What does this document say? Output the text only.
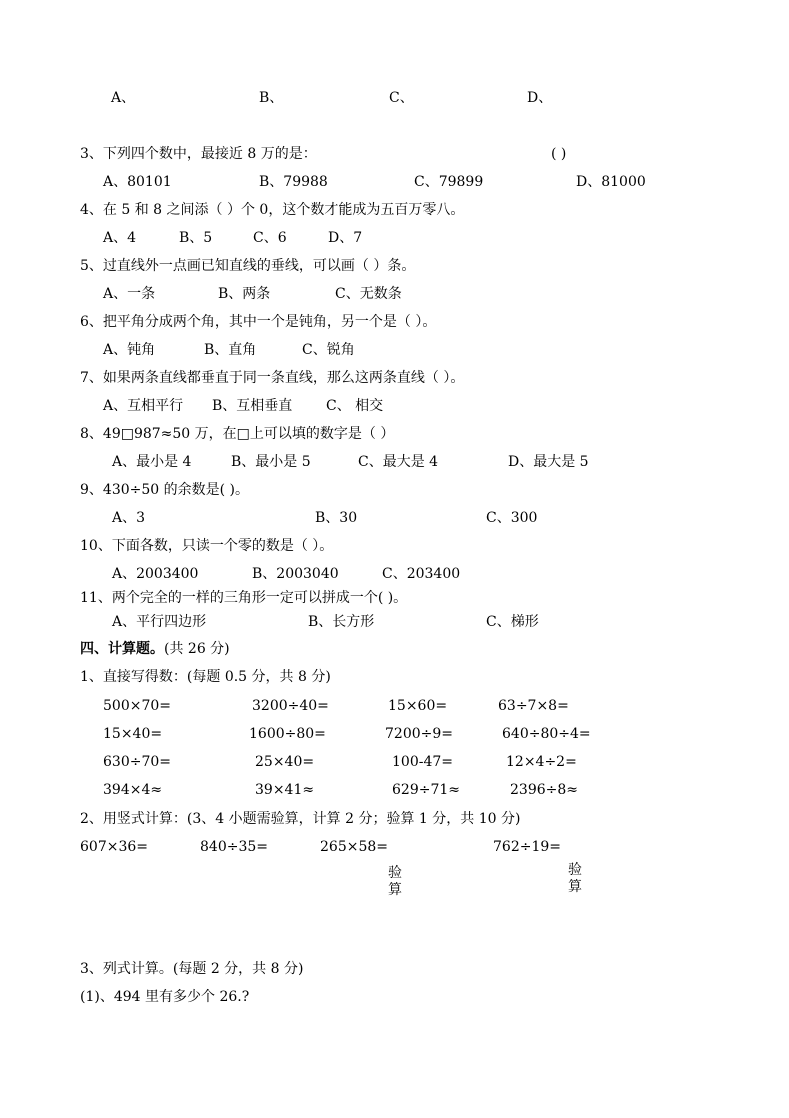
A、	B、	C、	D、
3、下列四个数中，最接近 8 万的是：	( )
A、80101	B、79988	C、79899	D、81000
4、在 5 和 8 之间添（ ）个 0，这个数才能成为五百万零八。
A、4	B、5	C、6	D、7
5、过直线外一点画已知直线的垂线，可以画（ ）条。
A、一条	B、两条	C、无数条
6、把平角分成两个角，其中一个是钝角，另一个是（ ）。
A、钝角	B、直角	C、锐角
7、如果两条直线都垂直于同一条直线，那么这两条直线（ ）。
A、互相平行 B、互相垂直 C、 相交
8、49□987≈50 万，在□上可以填的数字是（ ）
A、最小是 4	B、最小是 5	C、最大是 4	D、最大是 5
9、430÷50 的余数是( )。
A、3	B、30	C、300
10、下面各数，只读一个零的数是（ ）。
A、2003400	B、2003040	C、203400
11、两个完全的一样的三角形一定可以拼成一个( )。
A、平行四边形	B、长方形	C、梯形
四、计算题。(共 26 分)
1、直接写得数：(每题 0.5 分，共 8 分)
500×70=	3200÷40=	15×60=	63÷7×8=
15×40=	1600÷80=	7200÷9=	640÷80÷4=
630÷70=	25×40=	100-47=	12×4÷2=
394×4≈	39×41≈	629÷71≈	2396÷8≈
2、用竖式计算：(3、4 小题需验算，计算 2 分；验算 1 分，共 10 分)
607×36=	840÷35=	265×58=	762÷19=
验算
验算
3、列式计算。(每题 2 分，共 8 分)
(1)、494 里有多少个 26.?
